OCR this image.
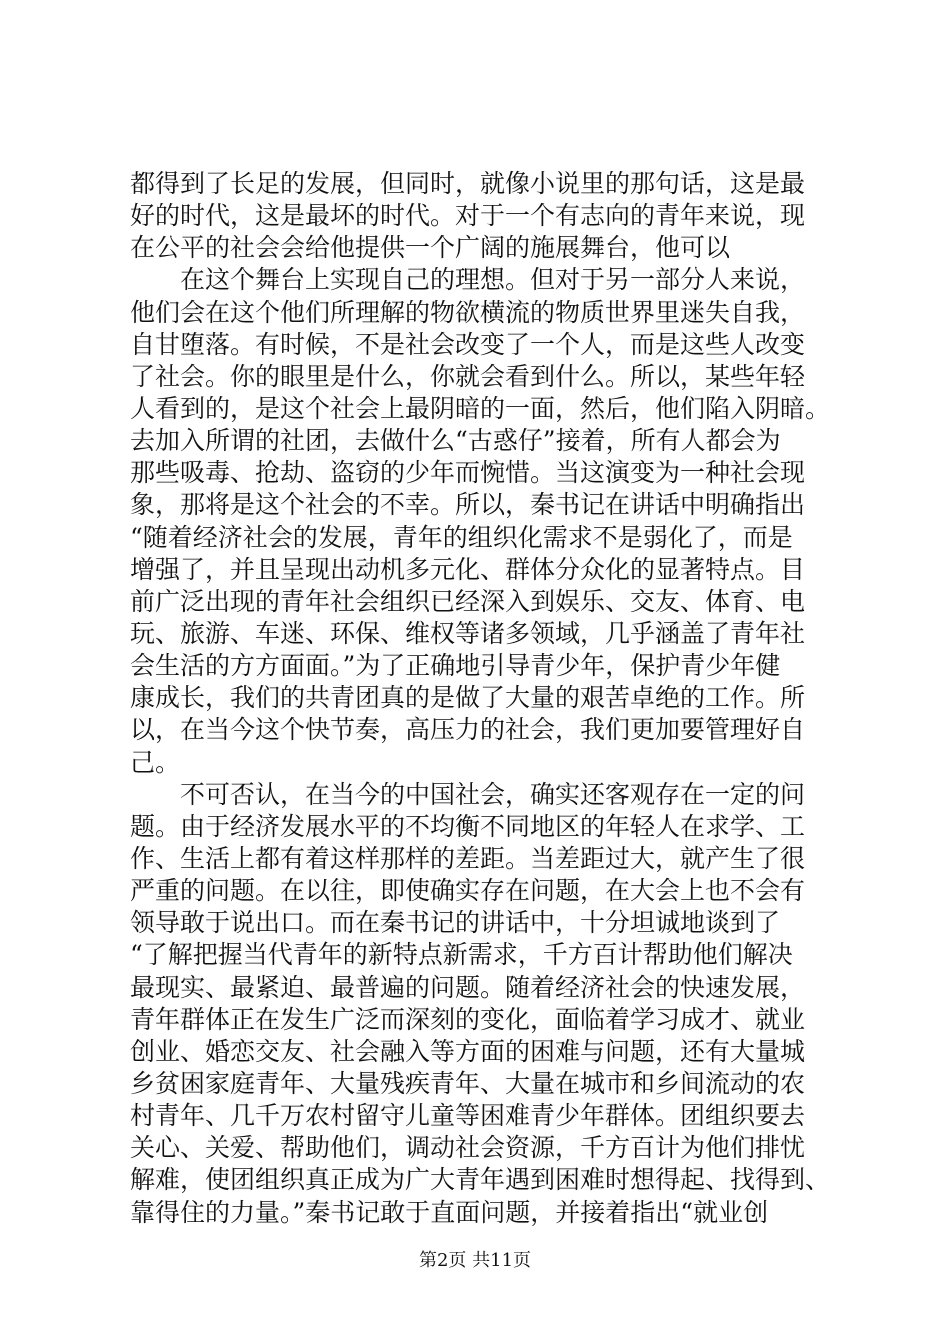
都得到了长足的发展，但同时，就像小说里的那句话，这是最
好的时代，这是最坏的时代。对于一个有志向的青年来说，现
在公平的社会会给他提供一个广阔的施展舞台，他可以
　　在这个舞台上实现自己的理想。但对于另一部分人来说，
他们会在这个他们所理解的物欲横流的物质世界里迷失自我，
自甘堕落。有时候，不是社会改变了一个人，而是这些人改变
了社会。你的眼里是什么，你就会看到什么。所以，某些年轻
人看到的，是这个社会上最阴暗的一面，然后，他们陷入阴暗。
去加入所谓的社团，去做什么“古惑仔”接着，所有人都会为
那些吸毒、抢劫、盗窃的少年而惋惜。当这演变为一种社会现
象，那将是这个社会的不幸。所以，秦书记在讲话中明确指出
“随着经济社会的发展，青年的组织化需求不是弱化了，而是
增强了，并且呈现出动机多元化、群体分众化的显著特点。目
前广泛出现的青年社会组织已经深入到娱乐、交友、体育、电
玩、旅游、车迷、环保、维权等诸多领域，几乎涵盖了青年社
会生活的方方面面。”为了正确地引导青少年，保护青少年健
康成长，我们的共青团真的是做了大量的艰苦卓绝的工作。所
以，在当今这个快节奏，高压力的社会，我们更加要管理好自
己。
　　不可否认，在当今的中国社会，确实还客观存在一定的问
题。由于经济发展水平的不均衡不同地区的年轻人在求学、工
作、生活上都有着这样那样的差距。当差距过大，就产生了很
严重的问题。在以往，即使确实存在问题，在大会上也不会有
领导敢于说出口。而在秦书记的讲话中，十分坦诚地谈到了
“了解把握当代青年的新特点新需求，千方百计帮助他们解决
最现实、最紧迫、最普遍的问题。随着经济社会的快速发展，
青年群体正在发生广泛而深刻的变化，面临着学习成才、就业
创业、婚恋交友、社会融入等方面的困难与问题，还有大量城
乡贫困家庭青年、大量残疾青年、大量在城市和乡间流动的农
村青年、几千万农村留守儿童等困难青少年群体。团组织要去
关心、关爱、帮助他们，调动社会资源，千方百计为他们排忧
解难，使团组织真正成为广大青年遇到困难时想得起、找得到、
靠得住的力量。”秦书记敢于直面问题，并接着指出“就业创
第2页 共11页
